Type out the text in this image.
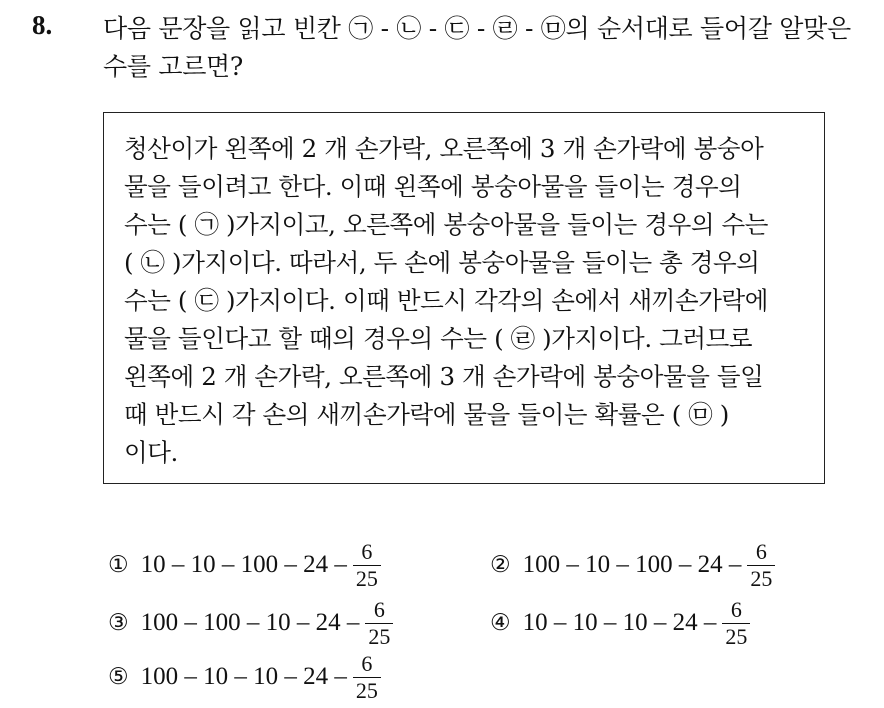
8. 다음 문장을 읽고 빈칸 ㉠ - ㉡ - ㉢ - ㉣ - ㉤의 순서대로 들어갈 알맞은
수를 고르면?
청산이가 왼쪽에 2 개 손가락, 오른쪽에 3 개 손가락에 봉숭아
물을 들이려고 한다. 이때 왼쪽에 봉숭아물을 들이는 경우의
수는 ( ㉠ )가지이고, 오른쪽에 봉숭아물을 들이는 경우의 수는
( ㉡ )가지이다. 따라서, 두 손에 봉숭아물을 들이는 총 경우의
수는 ( ㉢ )가지이다. 이때 반드시 각각의 손에서 새끼손가락에
물을 들인다고 할 때의 경우의 수는 ( ㉣ )가지이다. 그러므로
왼쪽에 2 개 손가락, 오른쪽에 3 개 손가락에 봉숭아물을 들일
때 반드시 각 손의 새끼손가락에 물을 들이는 확률은 ( ㉤ )
이다.
① $10 - 10 - 100 - 24 - \frac{6}{25}$	② $100 - 10 - 100 - 24 - \frac{6}{25}$
③ $100 - 100 - 10 - 24 - \frac{6}{25}$	④ $10 - 10 - 10 - 24 - \frac{6}{25}$
⑤ $100 - 10 - 10 - 24 - \frac{6}{25}$
